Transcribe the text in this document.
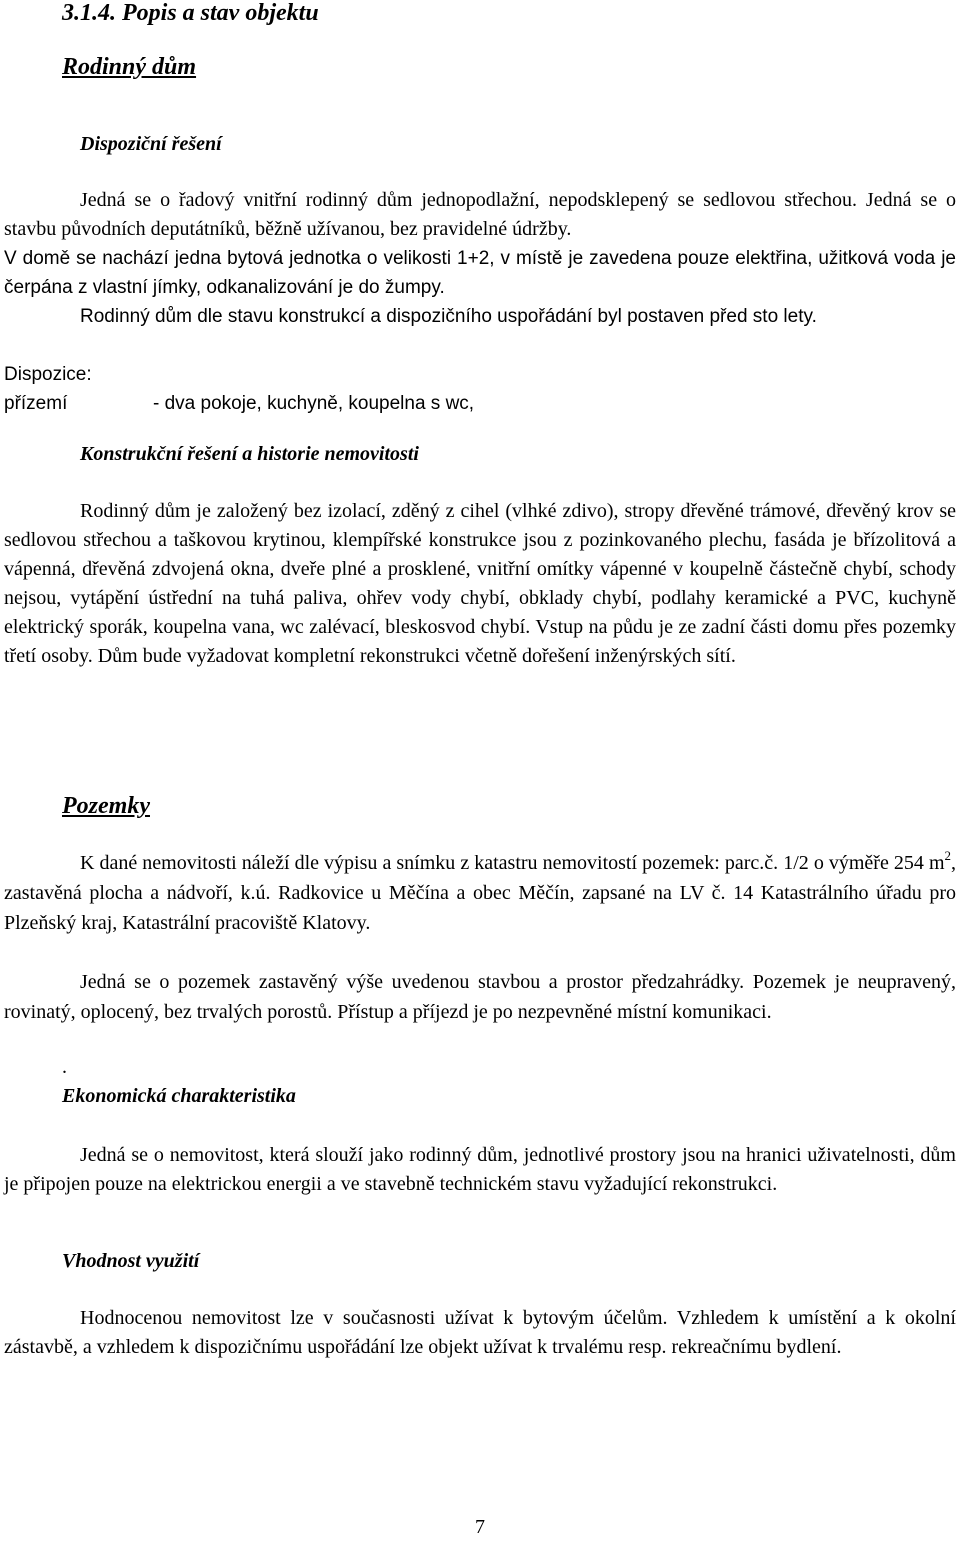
3.1.4. Popis a stav objektu
Rodinný dům
Dispoziční řešení

Jedná se o řadový vnitřní rodinný dům jednopodlažní, nepodsklepený se sedlovou střechou. Jedná se o stavbu původních deputátníků, běžně užívanou, bez pravidelné údržby.

V domě se nachází jedna bytová jednotka o velikosti 1+2, v místě je zavedena pouze elektřina, užitková voda je čerpána z vlastní jímky, odkanalizování je do žumpy.

Rodinný dům dle stavu konstrukcí a dispozičního uspořádání byl postaven před sto lety.

Dispozice:
přízemí	- dva pokoje, kuchyně, koupelna s wc,
Konstrukční řešení a historie nemovitosti

Rodinný dům je založený bez izolací, zděný z cihel (vlhké zdivo), stropy dřevěné trámové, dřevěný krov se sedlovou střechou a taškovou krytinou, klempířské konstrukce jsou z pozinkovaného plechu, fasáda je břízolitová a vápenná, dřevěná zdvojená okna, dveře plné a prosklené, vnitřní omítky vápenné v koupelně částečně chybí, schody nejsou, vytápění ústřední na tuhá paliva, ohřev vody chybí, obklady chybí, podlahy keramické a PVC, kuchyně elektrický sporák, koupelna vana, wc zalévací, bleskosvod chybí. Vstup na půdu je ze zadní části domu přes pozemky třetí osoby. Dům bude vyžadovat kompletní rekonstrukci včetně dořešení inženýrských sítí.

Pozemky

K dané nemovitosti náleží dle výpisu a snímku z katastru nemovitostí pozemek: parc.č. 1/2 o výměře 254 $m^2$, zastavěná plocha a nádvoří, k.ú. Radkovice u Měčína a obec Měčín, zapsané na LV č. 14 Katastrálního úřadu pro Plzeňský kraj, Katastrální pracoviště Klatovy.

Jedná se o pozemek zastavěný výše uvedenou stavbou a prostor předzahrádky. Pozemek je neupravený, rovinatý, oplocený, bez trvalých porostů. Přístup a příjezd je po nezpevněné místní komunikaci.

.
Ekonomická charakteristika

Jedná se o nemovitost, která slouží jako rodinný dům, jednotlivé prostory jsou na hranici uživatelnosti, dům je připojen pouze na elektrickou energii a ve stavebně technickém stavu vyžadující rekonstrukci.

Vhodnost využití

Hodnocenou nemovitost lze v současnosti užívat k bytovým účelům. Vzhledem k umístění a k okolní zástavbě, a vzhledem k dispozičnímu uspořádání lze objekt užívat k trvalému resp. rekreačnímu bydlení.

7
